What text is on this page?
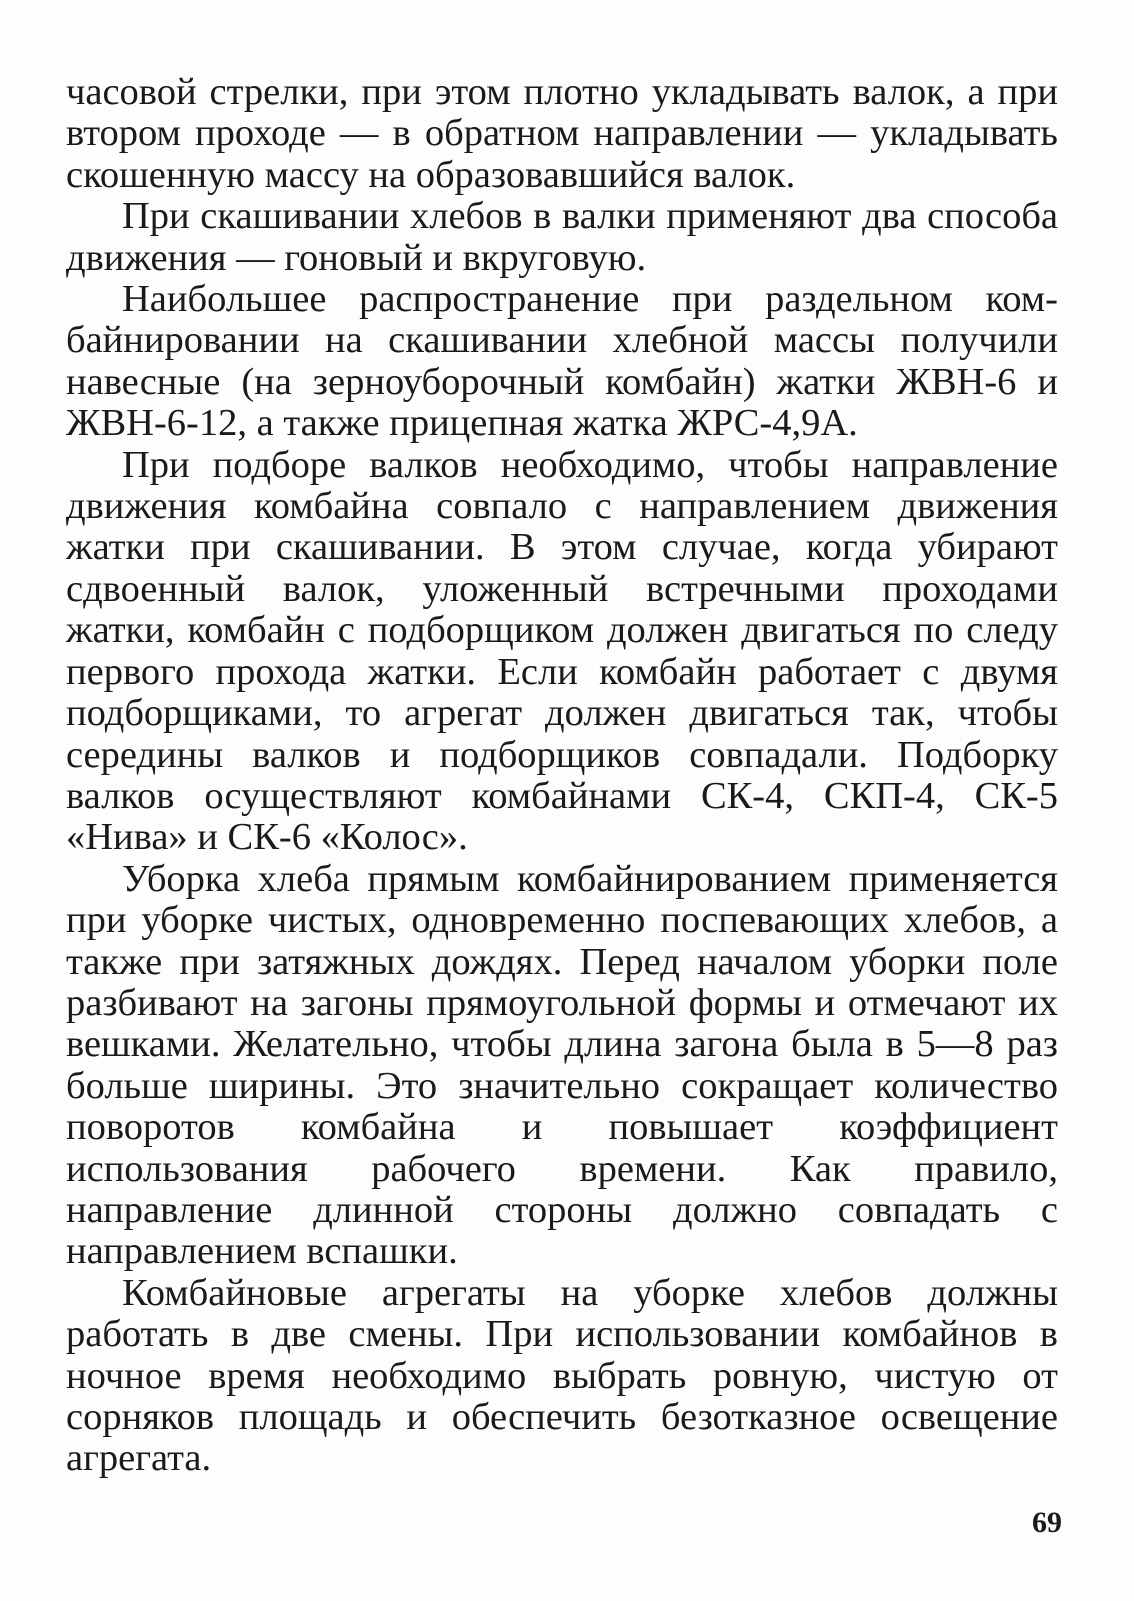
часовой стрелки, при этом плотно укладывать валок, а при втором проходе — в обратном направлении — укладывать скошенную массу на образовавшийся валок.

При скашивании хлебов в валки применяют два способа движения — гоновый и вкруговую.

Наибольшее распространение при раздельном комбайнировании на скашивании хлебной массы получили навесные (на зерноуборочный комбайн) жатки ЖВН-6 и ЖВН-6-12, а также прицепная жатка ЖРС-4,9А.

При подборе валков необходимо, чтобы направление движения комбайна совпало с направлением движения жатки при скашивании. В этом случае, когда убирают сдвоенный валок, уложенный встречными проходами жатки, комбайн с подборщиком должен двигаться по следу первого прохода жатки. Если комбайн работает с двумя подборщиками, то агрегат должен двигаться так, чтобы середины валков и подборщиков совпадали. Подборку валков осуществляют комбайнами СК-4, СКП-4, СК-5 «Нива» и СК-6 «Колос».

Уборка хлеба прямым комбайнированием применяется при уборке чистых, одновременно поспевающих хлебов, а также при затяжных дождях. Перед началом уборки поле разбивают на загоны прямоугольной формы и отмечают их вешками. Желательно, чтобы длина загона была в 5—8 раз больше ширины. Это значительно сокращает количество поворотов комбайна и повышает коэффициент использования рабочего времени. Как правило, направление длинной стороны должно совпадать с направлением вспашки.

Комбайновые агрегаты на уборке хлебов должны работать в две смены. При использовании комбайнов в ночное время необходимо выбрать ровную, чистую от сорняков площадь и обеспечить безотказное освещение агрегата.

69
